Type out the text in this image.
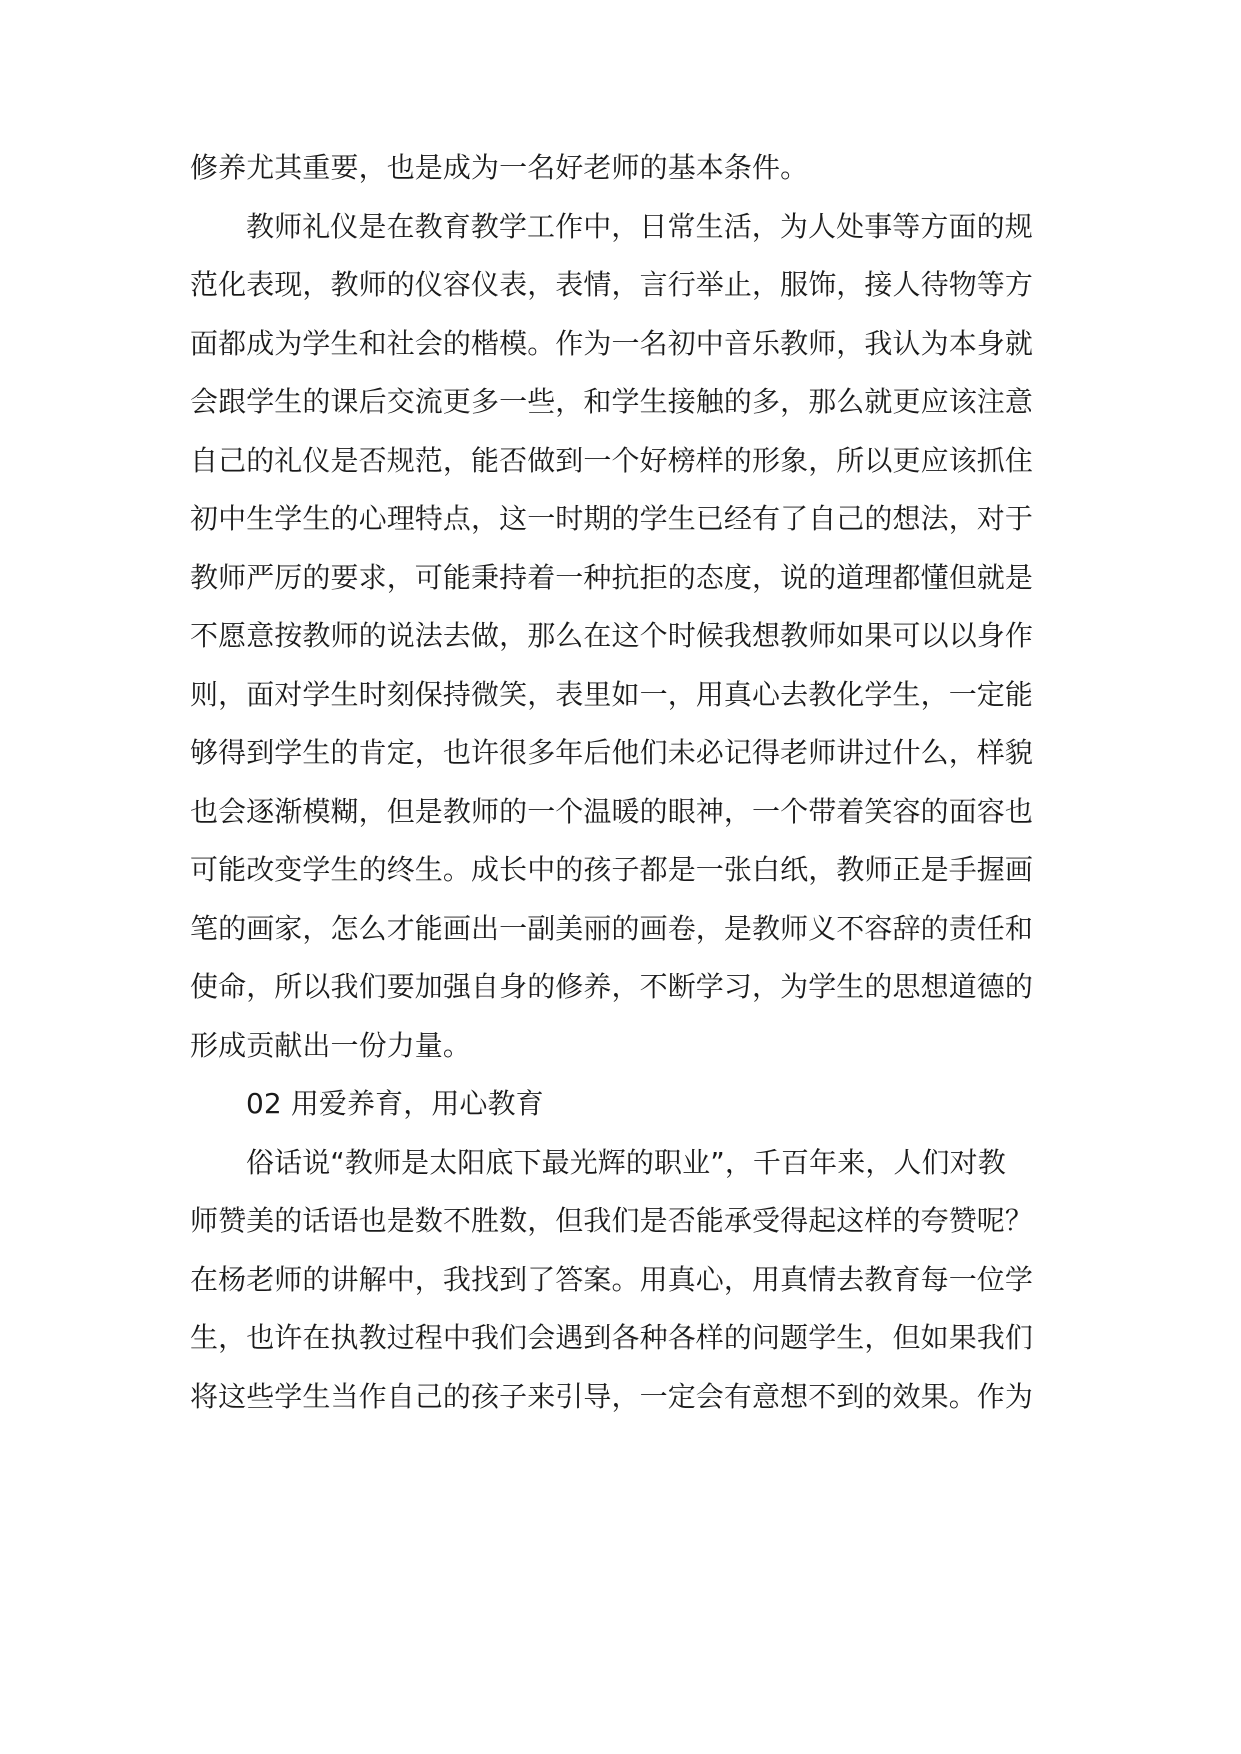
修养尤其重要，也是成为一名好老师的基本条件。
教师礼仪是在教育教学工作中，日常生活，为人处事等方面的规
范化表现，教师的仪容仪表，表情，言行举止，服饰，接人待物等方
面都成为学生和社会的楷模。作为一名初中音乐教师，我认为本身就
会跟学生的课后交流更多一些，和学生接触的多，那么就更应该注意
自己的礼仪是否规范，能否做到一个好榜样的形象，所以更应该抓住
初中生学生的心理特点，这一时期的学生已经有了自己的想法，对于
教师严厉的要求，可能秉持着一种抗拒的态度，说的道理都懂但就是
不愿意按教师的说法去做，那么在这个时候我想教师如果可以以身作
则，面对学生时刻保持微笑，表里如一，用真心去教化学生，一定能
够得到学生的肯定，也许很多年后他们未必记得老师讲过什么，样貌
也会逐渐模糊，但是教师的一个温暖的眼神，一个带着笑容的面容也
可能改变学生的终生。成长中的孩子都是一张白纸，教师正是手握画
笔的画家，怎么才能画出一副美丽的画卷，是教师义不容辞的责任和
使命，所以我们要加强自身的修养，不断学习，为学生的思想道德的
形成贡献出一份力量。
02 用爱养育，用心教育
俗话说“教师是太阳底下最光辉的职业”，千百年来，人们对教
师赞美的话语也是数不胜数，但我们是否能承受得起这样的夸赞呢？
在杨老师的讲解中，我找到了答案。用真心，用真情去教育每一位学
生，也许在执教过程中我们会遇到各种各样的问题学生，但如果我们
将这些学生当作自己的孩子来引导，一定会有意想不到的效果。作为
